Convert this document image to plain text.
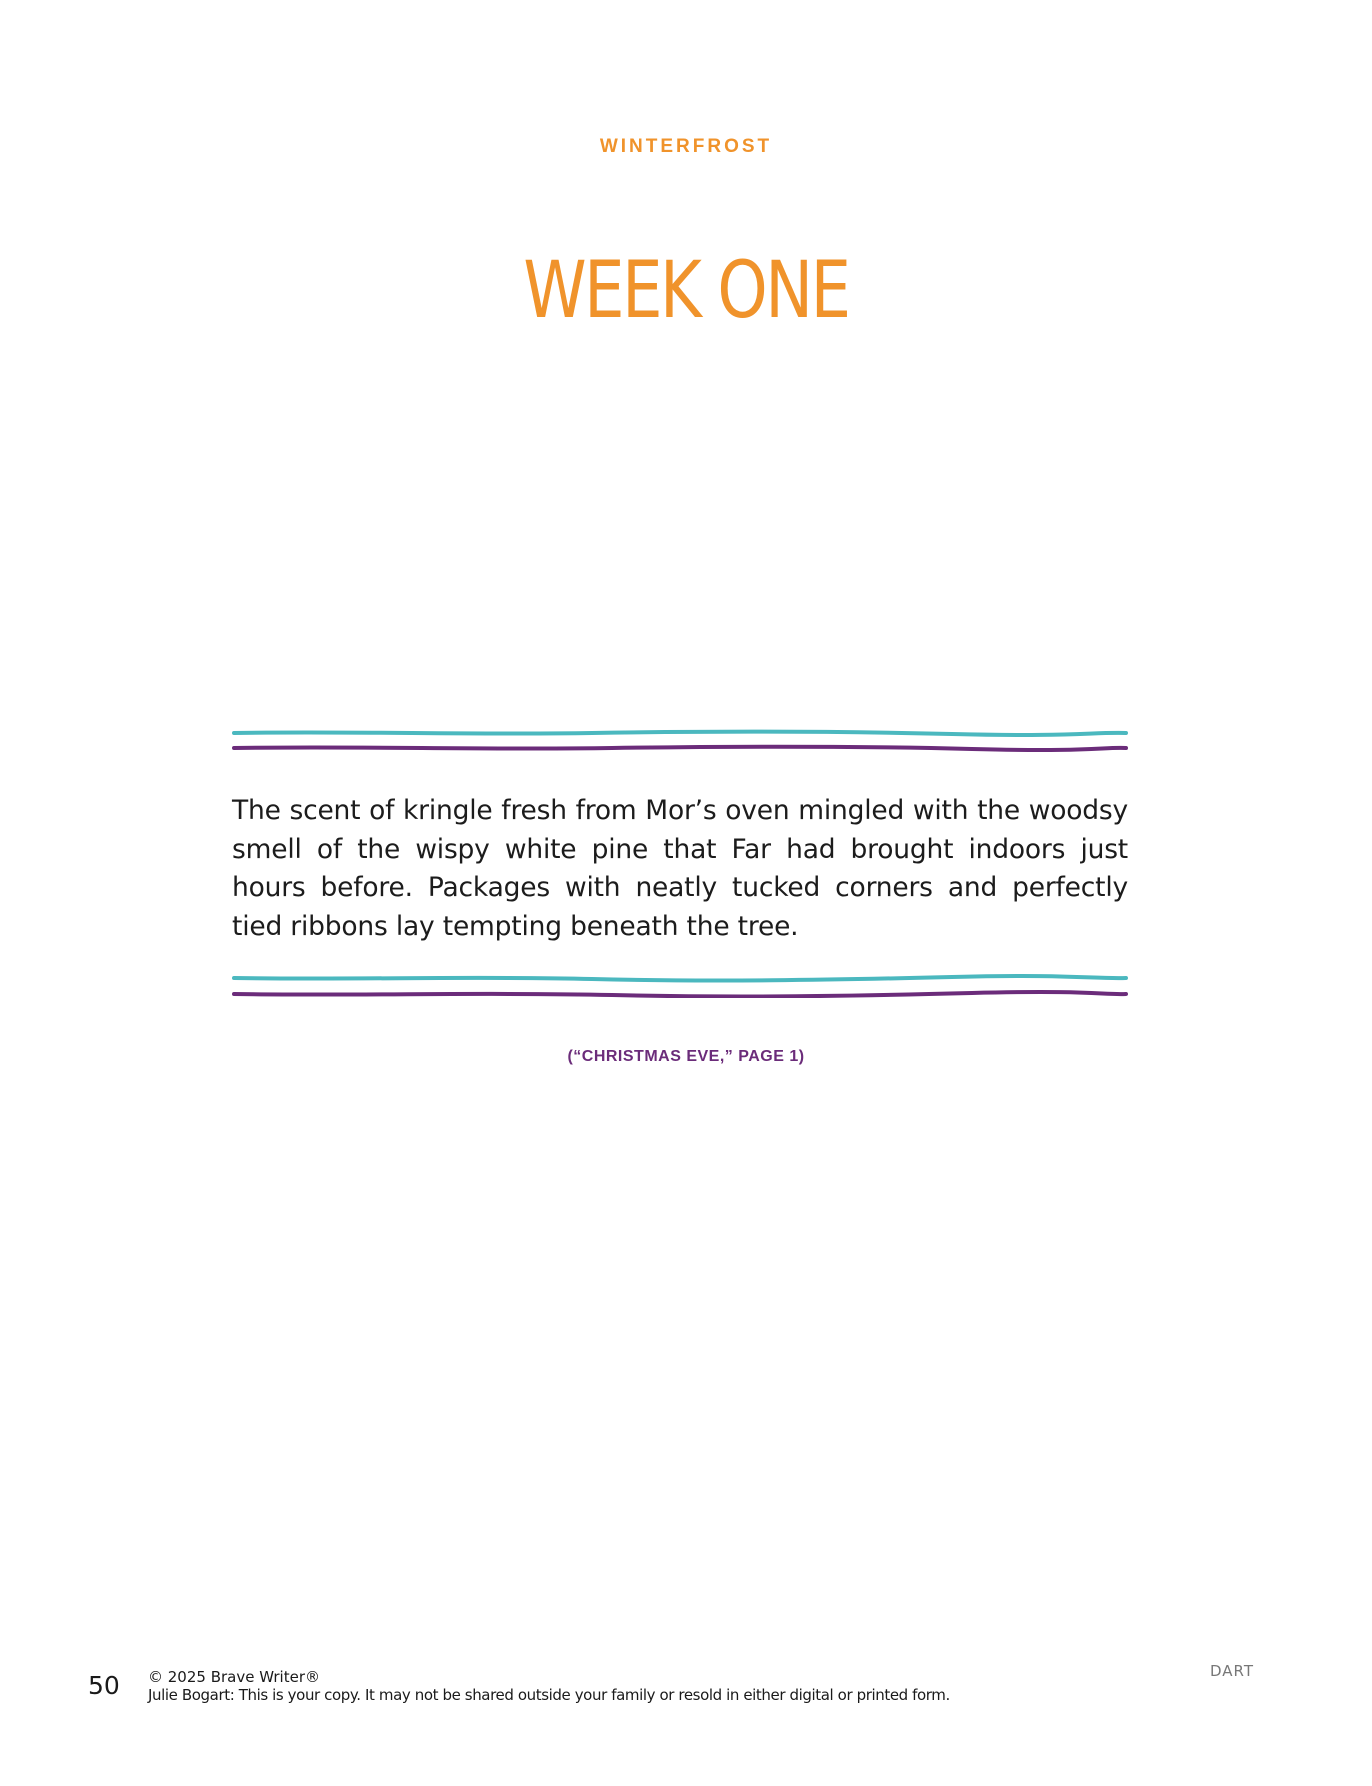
WINTERFROST
WEEK ONE

The scent of kringle fresh from Mor’s oven mingled with the woodsy smell of the wispy white pine that Far had brought indoors just hours before. Packages with neatly tucked corners and perfectly tied ribbons lay tempting beneath the tree.

(“CHRISTMAS EVE,” PAGE 1)
50 © 2025 Brave Writer®
Julie Bogart: This is your copy. It may not be shared outside your family or resold in either digital or printed form.
DART
